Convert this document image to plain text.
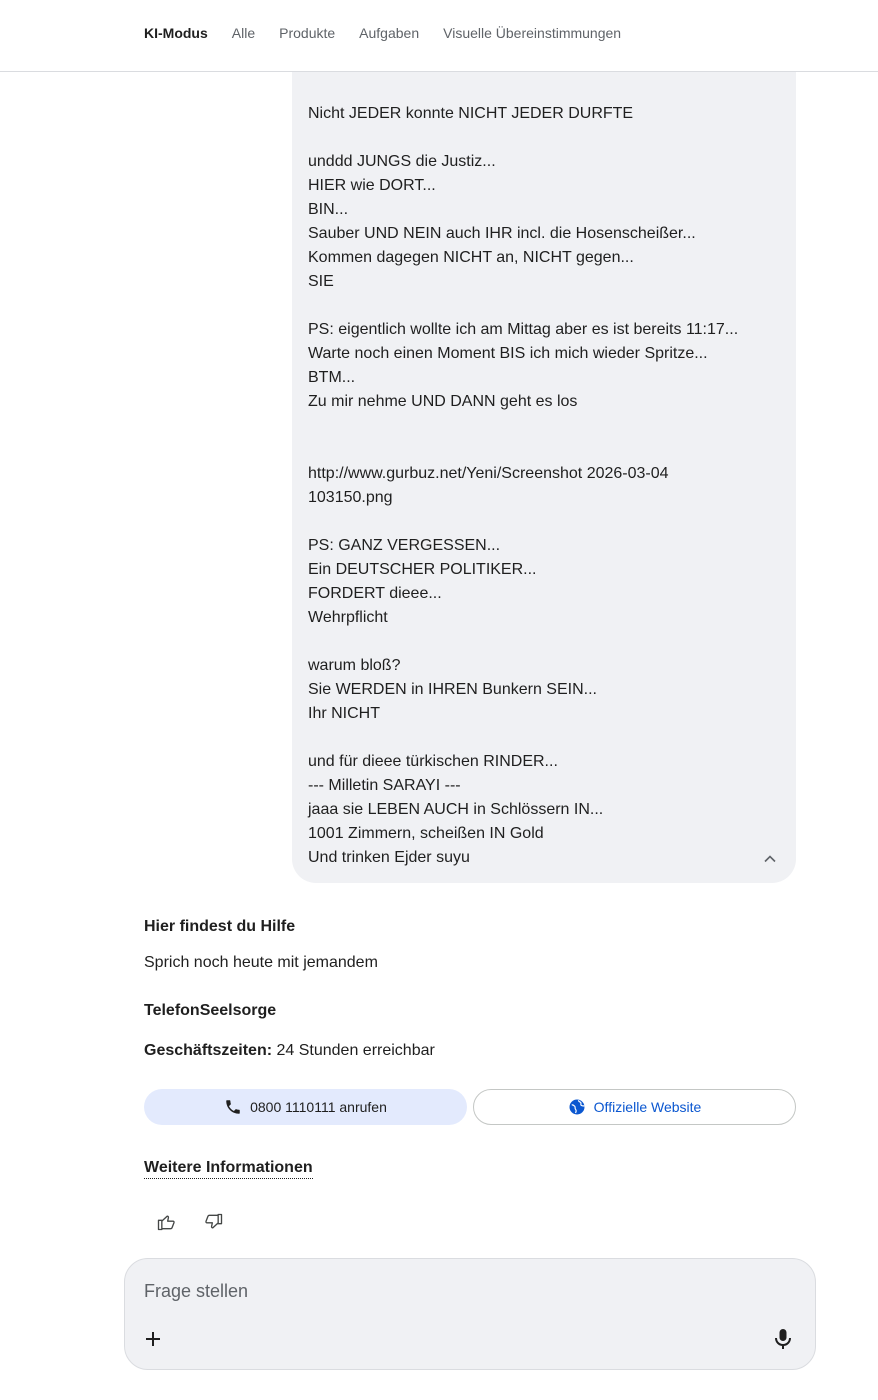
KI-Modus Alle Produkte Aufgaben Visuelle Übereinstimmungen
Nicht JEDER konnte NICHT JEDER DURFTE
unddd JUNGS die Justiz...
HIER wie DORT...
BIN...
Sauber UND NEIN auch IHR incl. die Hosenscheißer...
Kommen dagegen NICHT an, NICHT gegen...
SIE
PS: eigentlich wollte ich am Mittag aber es ist bereits 11:17...
Warte noch einen Moment BIS ich mich wieder Spritze...
BTM...
Zu mir nehme UND DANN geht es los
http://www.gurbuz.net/Yeni/Screenshot 2026-03-04
103150.png
PS: GANZ VERGESSEN...
Ein DEUTSCHER POLITIKER...
FORDERT dieee...
Wehrpflicht
warum bloß?
Sie WERDEN in IHREN Bunkern SEIN...
Ihr NICHT
und für dieee türkischen RINDER...
--- Milletin SARAYI ---
jaaa sie LEBEN AUCH in Schlössern IN...
1001 Zimmern, scheißen IN Gold
Und trinken Ejder suyu
Hier findest du Hilfe
Sprich noch heute mit jemandem
TelefonSeelsorge
Geschäftszeiten: 24 Stunden erreichbar
0800 1110111 anrufen	Offizielle Website
Weitere Informationen
Frage stellen
